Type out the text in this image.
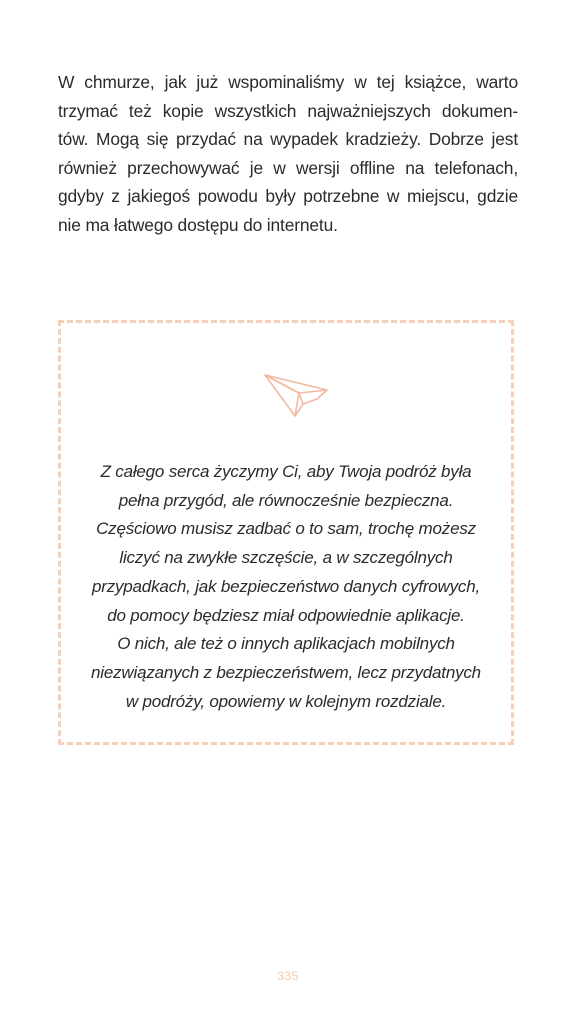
W chmurze, jak już wspominaliśmy w tej książce, warto
trzymać też kopie wszystkich najważniejszych dokumen-
tów. Mogą się przydać na wypadek kradzieży. Dobrze jest
również przechowywać je w wersji offline na telefonach,
gdyby z jakiegoś powodu były potrzebne w miejscu, gdzie
nie ma łatwego dostępu do internetu.

Z całego serca życzymy Ci, aby Twoja podróż była
pełna przygód, ale równocześnie bezpieczna.
Częściowo musisz zadbać o to sam, trochę możesz
liczyć na zwykłe szczęście, a w szczególnych
przypadkach, jak bezpieczeństwo danych cyfrowych,
do pomocy będziesz miał odpowiednie aplikacje.
O nich, ale też o innych aplikacjach mobilnych
niezwiązanych z bezpieczeństwem, lecz przydatnych
w podróży, opowiemy w kolejnym rozdziale.

335
